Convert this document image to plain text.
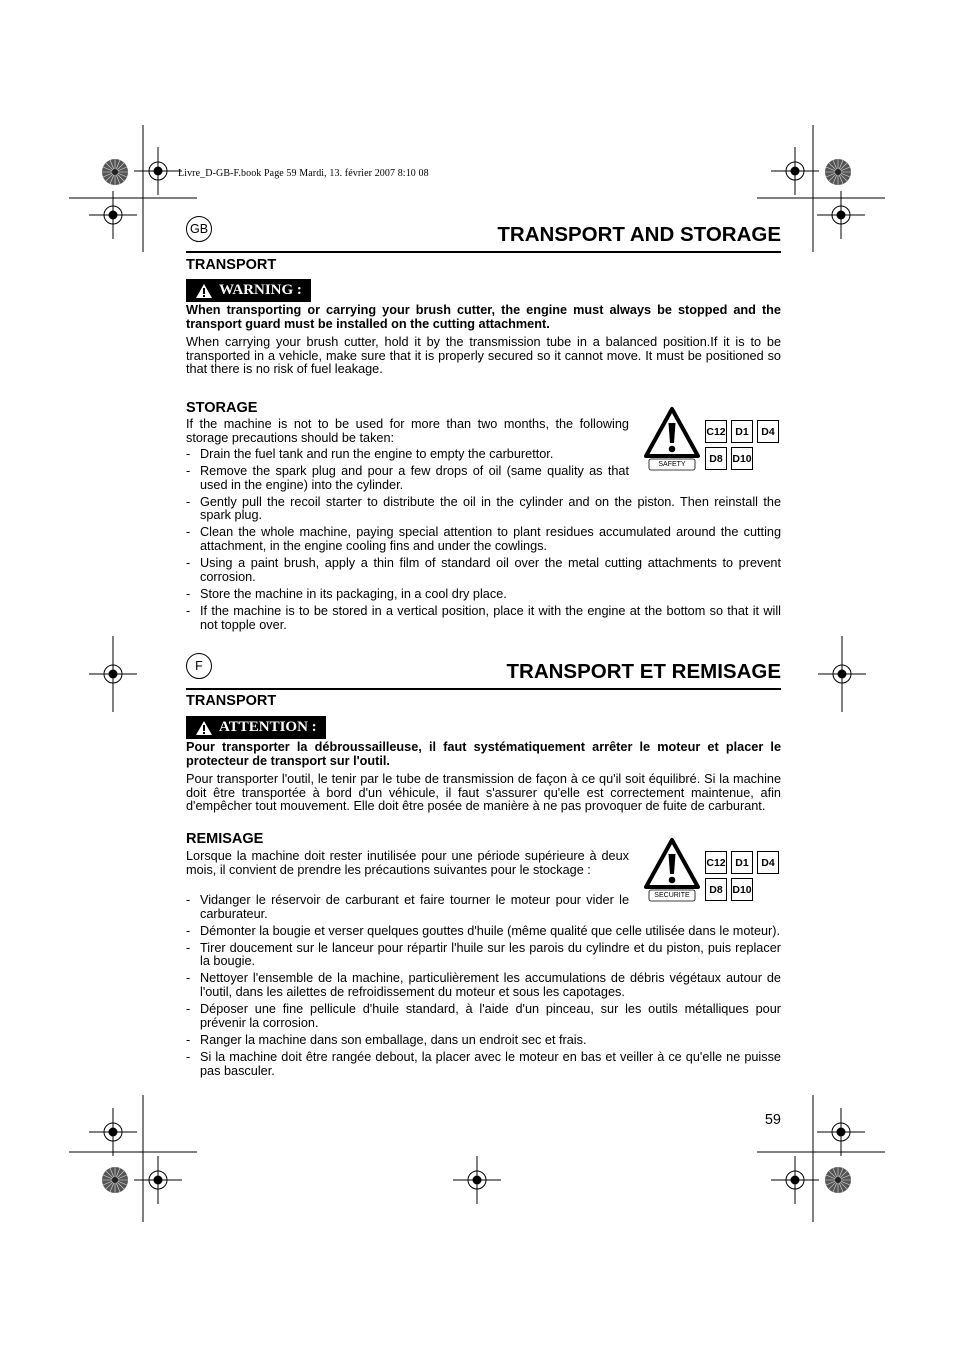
Livre_D-GB-F.book Page 59 Mardi, 13. février 2007 8:10 08
GB	TRANSPORT AND STORAGE
TRANSPORT
WARNING :
When transporting or carrying your brush cutter, the engine must always be stopped and the transport guard must be installed on the cutting attachment.
When carrying your brush cutter, hold it by the transmission tube in a balanced position.If it is to be transported in a vehicle, make sure that it is properly secured so it cannot move. It must be positioned so that there is no risk of fuel leakage.
STORAGE
If the machine is not to be used for more than two months, the following storage precautions should be taken:
SAFETY
C12 D1	D4
D8 D10
- Drain the fuel tank and run the engine to empty the carburettor.
- Remove the spark plug and pour a few drops of oil (same quality as that used in the engine) into the cylinder.
- Gently pull the recoil starter to distribute the oil in the cylinder and on the piston. Then reinstall the spark plug.
- Clean the whole machine, paying special attention to plant residues accumulated around the cutting attachment, in the engine cooling fins and under the cowlings.
- Using a paint brush, apply a thin film of standard oil over the metal cutting attachments to prevent corrosion.
- Store the machine in its packaging, in a cool dry place.
- If the machine is to be stored in a vertical position, place it with the engine at the bottom so that it will not topple over.
F	TRANSPORT ET REMISAGE
TRANSPORT
ATTENTION :
Pour transporter la débroussailleuse, il faut systématiquement arrêter le moteur et placer le protecteur de transport sur l'outil.
Pour transporter l'outil, le tenir par le tube de transmission de façon à ce qu'il soit équilibré. Si la machine doit être transportée à bord d'un véhicule, il faut s'assurer qu'elle est correctement maintenue, afin d'empêcher tout mouvement. Elle doit être posée de manière à ne pas provoquer de fuite de carburant.
REMISAGE
Lorsque la machine doit rester inutilisée pour une période supérieure à deux mois, il convient de prendre les précautions suivantes pour le stockage :
SECURITE
C12 D1	D4
D8 D10
- Vidanger le réservoir de carburant et faire tourner le moteur pour vider le carburateur.
- Démonter la bougie et verser quelques gouttes d'huile (même qualité que celle utilisée dans le moteur).
- Tirer doucement sur le lanceur pour répartir l'huile sur les parois du cylindre et du piston, puis replacer la bougie.
- Nettoyer l'ensemble de la machine, particulièrement les accumulations de débris végétaux autour de l'outil, dans les ailettes de refroidissement du moteur et sous les capotages.
- Déposer une fine pellicule d'huile standard, à l'aide d'un pinceau, sur les outils métalliques pour prévenir la corrosion.
- Ranger la machine dans son emballage, dans un endroit sec et frais.
- Si la machine doit être rangée debout, la placer avec le moteur en bas et veiller à ce qu'elle ne puisse pas basculer.
59
